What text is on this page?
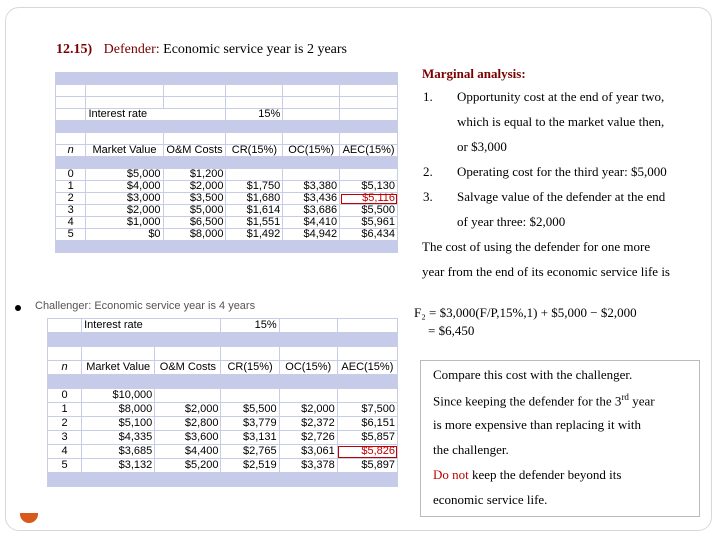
12.15) Defender: Economic service year is 2 years

	Interest rate		15%		

n	Market Value	O&M Costs	CR(15%)	OC(15%)	AEC(15%)

0	$5,000	$1,200			
1	$4,000	$2,000	$1,750	$3,380	$5,130
2	$3,000	$3,500	$1,680	$3,436	$5,116
3	$2,000	$5,000	$1,614	$3,686	$5,500
4	$1,000	$6,500	$1,551	$4,410	$5,961
5	$0	$8,000	$1,492	$4,942	$6,434

Challenger: Economic service year is 4 years
	Interest rate		15%		

n	Market Value	O&M Costs	CR(15%)	OC(15%)	AEC(15%)

0	$10,000				
1	$8,000	$2,000	$5,500	$2,000	$7,500
2	$5,100	$2,800	$3,779	$2,372	$6,151
3	$4,335	$3,600	$3,131	$2,726	$5,857
4	$3,685	$4,400	$2,765	$3,061	$5,826
5	$3,132	$5,200	$2,519	$3,378	$5,897

Marginal analysis:
1. Opportunity cost at the end of year two,
which is equal to the market value then,
or $3,000
2. Operating cost for the third year: $5,000
3. Salvage value of the defender at the end
of year three: $2,000
The cost of using the defender for one more
year from the end of its economic service life is
F₂ = $3,000(F/P,15%,1) + $5,000 − $2,000
= $6,450
Compare this cost with the challenger.
Since keeping the defender for the 3rd year
is more expensive than replacing it with
the challenger.
Do not keep the defender beyond its
economic service life.
